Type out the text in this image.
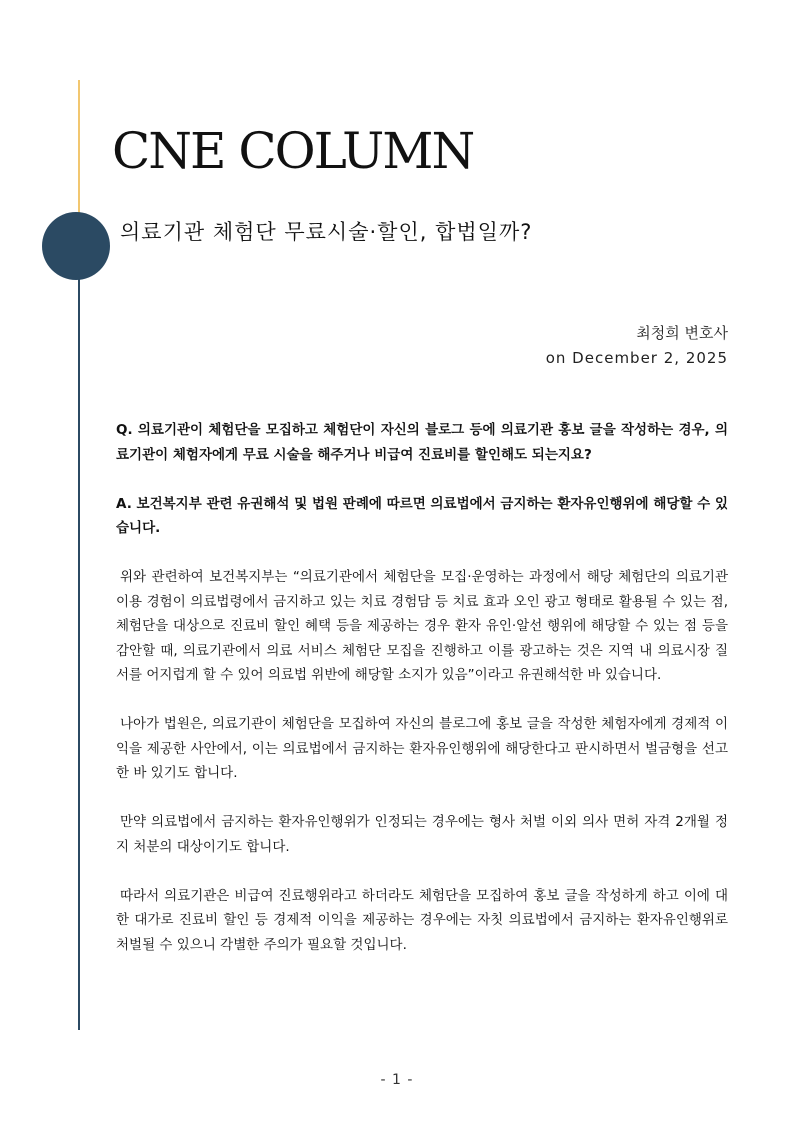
CNE COLUMN
의료기관 체험단 무료시술·할인, 합법일까?
최청희 변호사
on December 2, 2025

Q. 의료기관이 체험단을 모집하고 체험단이 자신의 블로그 등에 의료기관 홍보 글을 작성하는 경우, 의료기관이 체험자에게 무료 시술을 해주거나 비급여 진료비를 할인해도 되는지요?

A. 보건복지부 관련 유권해석 및 법원 판례에 따르면 의료법에서 금지하는 환자유인행위에 해당할 수 있습니다.

위와 관련하여 보건복지부는 “의료기관에서 체험단을 모집·운영하는 과정에서 해당 체험단의 의료기관 이용 경험이 의료법령에서 금지하고 있는 치료 경험담 등 치료 효과 오인 광고 형태로 활용될 수 있는 점, 체험단을 대상으로 진료비 할인 혜택 등을 제공하는 경우 환자 유인·알선 행위에 해당할 수 있는 점 등을 감안할 때, 의료기관에서 의료 서비스 체험단 모집을 진행하고 이를 광고하는 것은 지역 내 의료시장 질서를 어지럽게 할 수 있어 의료법 위반에 해당할 소지가 있음”이라고 유권해석한 바 있습니다.

나아가 법원은, 의료기관이 체험단을 모집하여 자신의 블로그에 홍보 글을 작성한 체험자에게 경제적 이익을 제공한 사안에서, 이는 의료법에서 금지하는 환자유인행위에 해당한다고 판시하면서 벌금형을 선고한 바 있기도 합니다.

만약 의료법에서 금지하는 환자유인행위가 인정되는 경우에는 형사 처벌 이외 의사 면허 자격 2개월 정지 처분의 대상이기도 합니다.

따라서 의료기관은 비급여 진료행위라고 하더라도 체험단을 모집하여 홍보 글을 작성하게 하고 이에 대한 대가로 진료비 할인 등 경제적 이익을 제공하는 경우에는 자칫 의료법에서 금지하는 환자유인행위로 처벌될 수 있으니 각별한 주의가 필요할 것입니다.

- 1 -
